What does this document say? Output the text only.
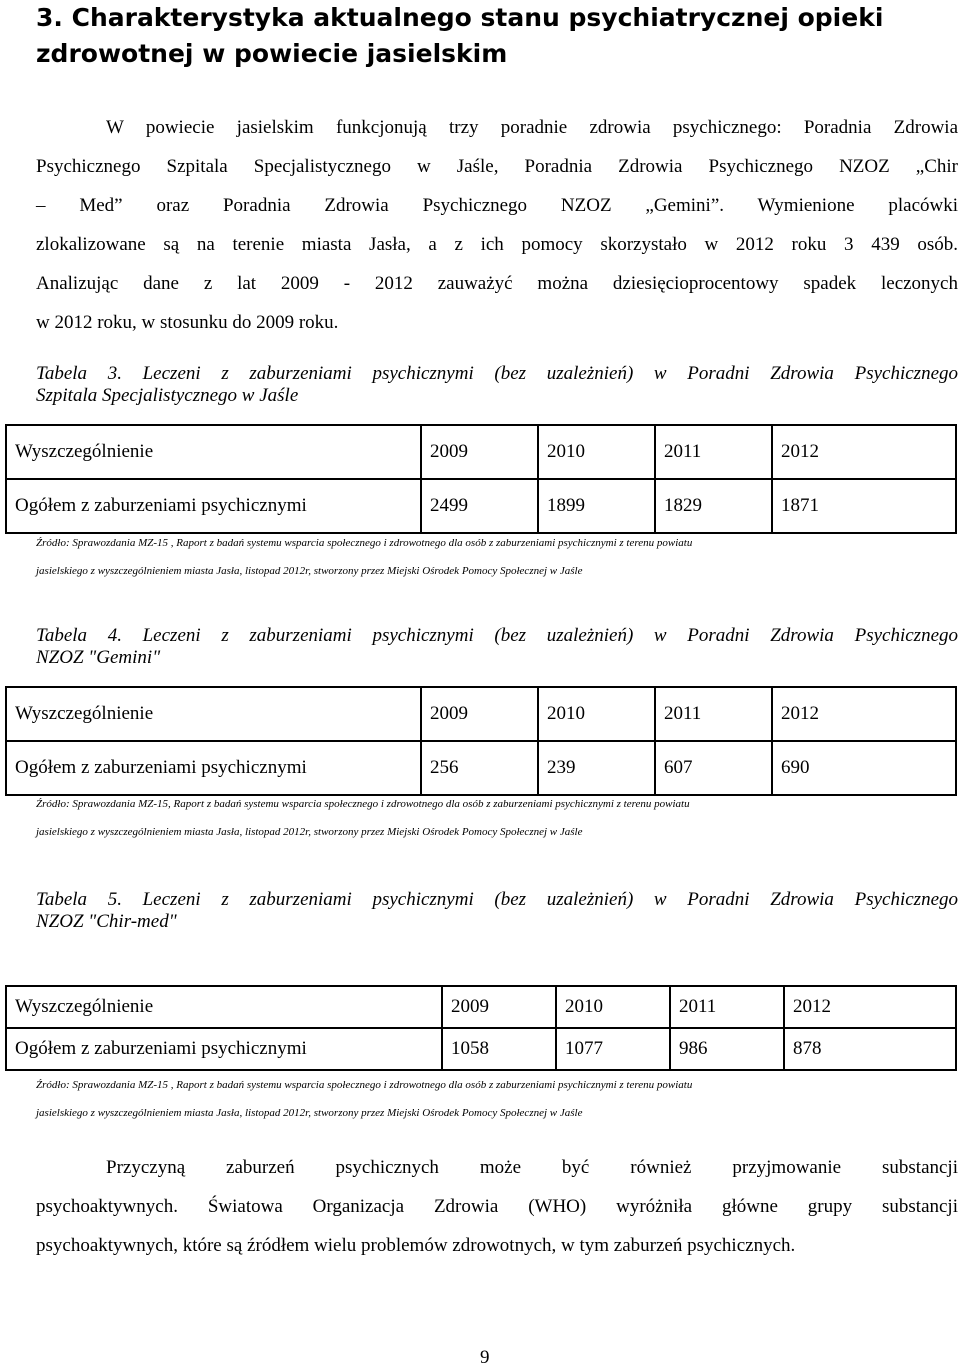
3. Charakterystyka aktualnego stanu psychiatrycznej opieki zdrowotnej w powiecie jasielskim
W powiecie jasielskim funkcjonują trzy poradnie zdrowia psychicznego: Poradnia Zdrowia
Psychicznego Szpitala Specjalistycznego w Jaśle, Poradnia Zdrowia Psychicznego NZOZ „Chir
– Med” oraz Poradnia Zdrowia Psychicznego NZOZ „Gemini”. Wymienione placówki
zlokalizowane są na terenie miasta Jasła, a z ich pomocy skorzystało w 2012 roku 3 439 osób.
Analizując dane z lat 2009 - 2012 zauważyć można dziesięcioprocentowy spadek leczonych
w 2012 roku, w stosunku do 2009 roku.
Tabela 3. Leczeni z zaburzeniami psychicznymi (bez uzależnień) w Poradni Zdrowia Psychicznego
Szpitala Specjalistycznego w Jaśle
Wyszczególnienie	2009	2010	2011	2012
Ogółem z zaburzeniami psychicznymi	2499	1899	1829	1871
Źródło: Sprawozdania MZ-15 , Raport z badań systemu wsparcia społecznego i zdrowotnego dla osób z zaburzeniami psychicznymi z terenu powiatu
jasielskiego z wyszczególnieniem miasta Jasła, listopad 2012r, stworzony przez Miejski Ośrodek Pomocy Społecznej w Jaśle
Tabela 4. Leczeni z zaburzeniami psychicznymi (bez uzależnień) w Poradni Zdrowia Psychicznego
NZOZ "Gemini"
Wyszczególnienie	2009	2010	2011	2012
Ogółem z zaburzeniami psychicznymi	256	239	607	690
Źródło: Sprawozdania MZ-15, Raport z badań systemu wsparcia społecznego i zdrowotnego dla osób z zaburzeniami psychicznymi z terenu powiatu
jasielskiego z wyszczególnieniem miasta Jasła, listopad 2012r, stworzony przez Miejski Ośrodek Pomocy Społecznej w Jaśle
Tabela 5. Leczeni z zaburzeniami psychicznymi (bez uzależnień) w Poradni Zdrowia Psychicznego
NZOZ "Chir-med"
Wyszczególnienie	2009	2010	2011	2012
Ogółem z zaburzeniami psychicznymi	1058	1077	986	878
Źródło: Sprawozdania MZ-15 , Raport z badań systemu wsparcia społecznego i zdrowotnego dla osób z zaburzeniami psychicznymi z terenu powiatu
jasielskiego z wyszczególnieniem miasta Jasła, listopad 2012r, stworzony przez Miejski Ośrodek Pomocy Społecznej w Jaśle
Przyczyną zaburzeń psychicznych może być również przyjmowanie substancji
psychoaktywnych. Światowa Organizacja Zdrowia (WHO) wyróżniła główne grupy substancji
psychoaktywnych, które są źródłem wielu problemów zdrowotnych, w tym zaburzeń psychicznych.
9
